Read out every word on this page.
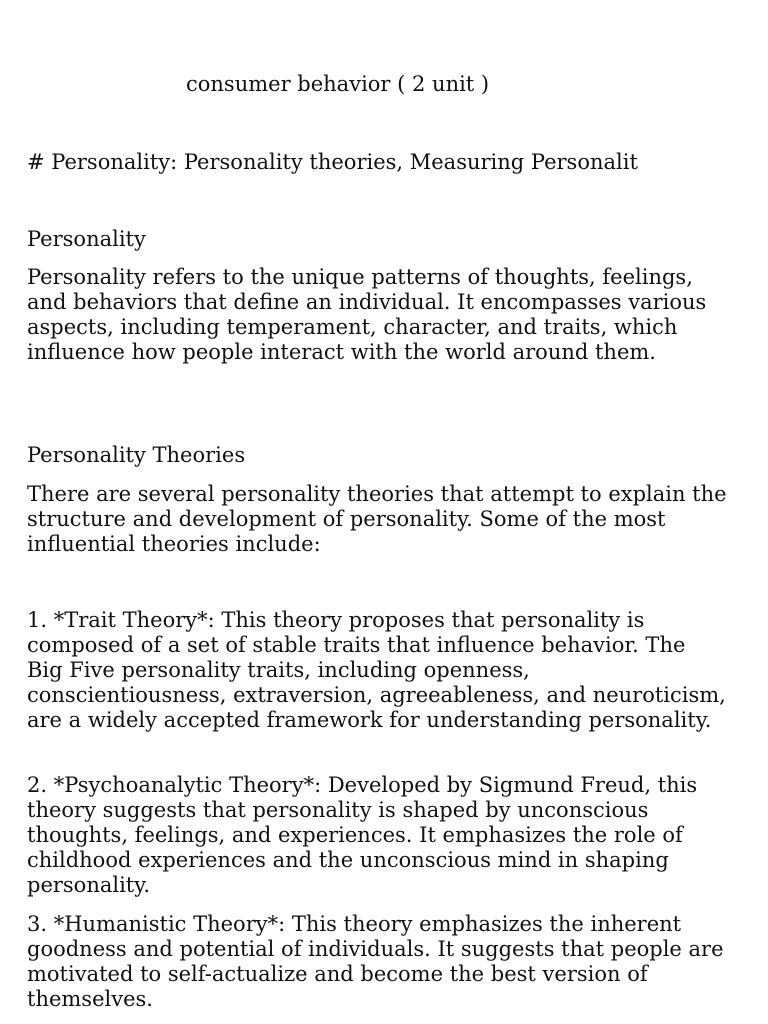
consumer behavior ( 2 unit )
# Personality: Personality theories, Measuring Personalit
Personality

Personality refers to the unique patterns of thoughts, feelings, and behaviors that define an individual. It encompasses various aspects, including temperament, character, and traits, which influence how people interact with the world around them.

Personality Theories

There are several personality theories that attempt to explain the structure and development of personality. Some of the most influential theories include:

1. *Trait Theory*: This theory proposes that personality is composed of a set of stable traits that influence behavior. The Big Five personality traits, including openness, conscientiousness, extraversion, agreeableness, and neuroticism, are a widely accepted framework for understanding personality.

2. *Psychoanalytic Theory*: Developed by Sigmund Freud, this theory suggests that personality is shaped by unconscious thoughts, feelings, and experiences. It emphasizes the role of childhood experiences and the unconscious mind in shaping personality.

3. *Humanistic Theory*: This theory emphasizes the inherent goodness and potential of individuals. It suggests that people are motivated to self-actualize and become the best version of themselves.
